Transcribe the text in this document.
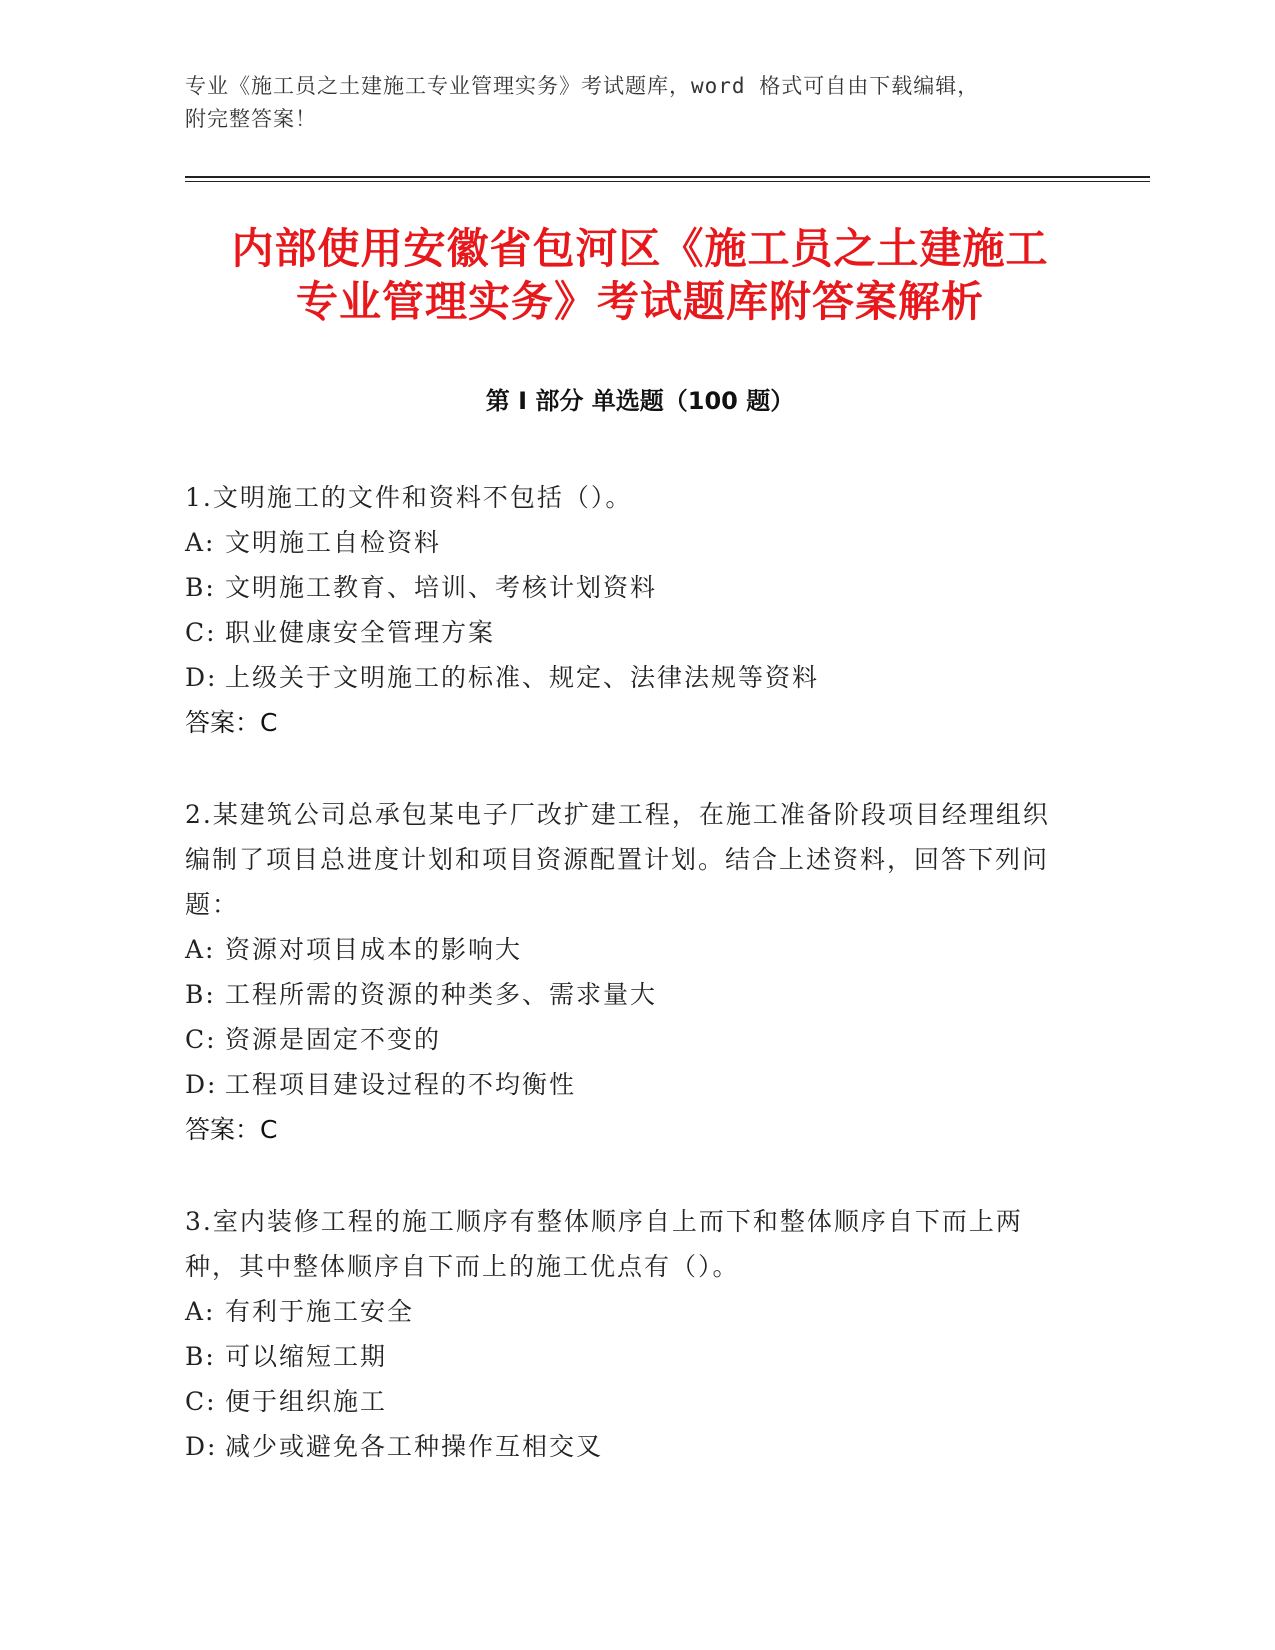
专业《施工员之土建施工专业管理实务》考试题库，word 格式可自由下载编辑，
附完整答案！
内部使用安徽省包河区《施工员之土建施工
专业管理实务》考试题库附答案解析
第 I 部分 单选题（100 题）
1.文明施工的文件和资料不包括（）。
A: 文明施工自检资料
B: 文明施工教育、培训、考核计划资料
C: 职业健康安全管理方案
D: 上级关于文明施工的标准、规定、法律法规等资料
答案：C
2.某建筑公司总承包某电子厂改扩建工程，在施工准备阶段项目经理组织编制了项目总进度计划和项目资源配置计划。结合上述资料，回答下列问题：
A: 资源对项目成本的影响大
B: 工程所需的资源的种类多、需求量大
C: 资源是固定不变的
D: 工程项目建设过程的不均衡性
答案：C
3.室内装修工程的施工顺序有整体顺序自上而下和整体顺序自下而上两种，其中整体顺序自下而上的施工优点有（）。
A: 有利于施工安全
B: 可以缩短工期
C: 便于组织施工
D: 减少或避免各工种操作互相交叉
